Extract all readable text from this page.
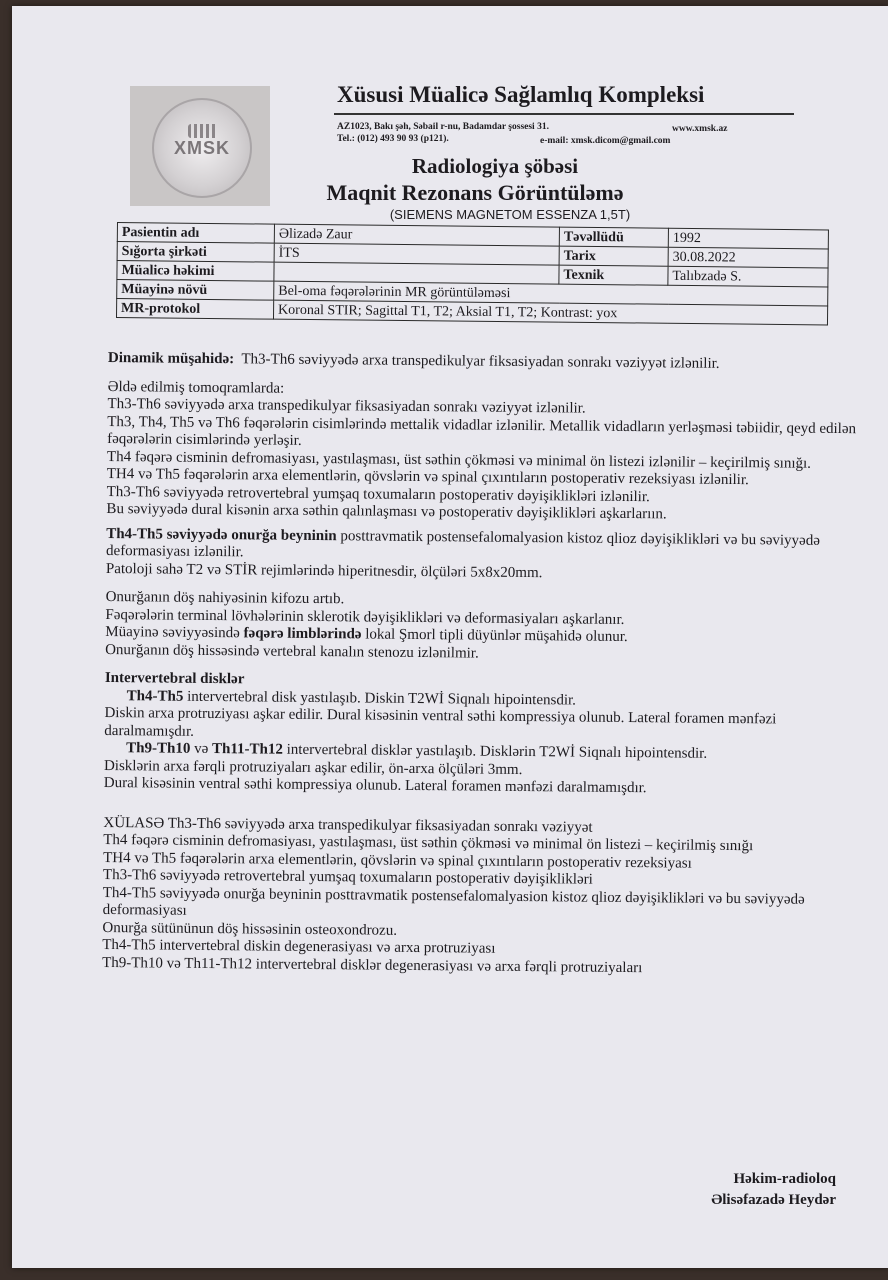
XMSK
Xüsusi Müalicə Sağlamlıq Kompleksi
AZ1023, Bakı şəh, Səbail r-nu, Badamdar şossesi 31.	www.xmsk.az
Tel.: (012) 493 90 93 (p121).	e-mail: xmsk.dicom@gmail.com
Radiologiya şöbəsi
Maqnit Rezonans Görüntüləmə
(SIEMENS MAGNETOM ESSENZA 1,5T)
Pasientin adı	Əlizadə Zaur	Təvəllüdü	1992
Sığorta şirkəti	İTS	Tarix	30.08.2022
Müalicə həkimi		Texnik	Talıbzadə S.
Müayinə növü	Bel-oma fəqərələrinin MR görüntüləməsi		
MR-protokol	Koronal STIR; Sagittal T1, T2; Aksial T1, T2; Kontrast: yox		

Dinamik müşahidə: Th3-Th6 səviyyədə arxa transpedikulyar fiksasiyadan sonrakı vəziyyət izlənilir.

Əldə edilmiş tomoqramlarda:

Th3-Th6 səviyyədə arxa transpedikulyar fiksasiyadan sonrakı vəziyyət izlənilir.

Th3, Th4, Th5 və Th6 fəqərələrin cisimlərində mettalik vidadlar izlənilir. Metallik vidadların yerləşməsi təbiidir, qeyd edilən fəqərələrin cisimlərində yerləşir.

Th4 fəqərə cisminin defromasiyası, yastılaşması, üst səthin çökməsi və minimal ön listezi izlənilir – keçirilmiş sınığı.

TH4 və Th5 fəqərələrin arxa elementlərin, qövslərin və spinal çıxıntıların postoperativ rezeksiyası izlənilir.

Th3-Th6 səviyyədə retrovertebral yumşaq toxumaların postoperativ dəyişiklikləri izlənilir.

Bu səviyyədə dural kisənin arxa səthin qalınlaşması və postoperativ dəyişiklikləri aşkarlarıın.

Th4-Th5 səviyyədə onurğa beyninin posttravmatik postensefalomalyasion kistoz qlioz dəyişiklikləri və bu səviyyədə deformasiyası izlənilir.

Patoloji sahə T2 və STİR rejimlərində hiperitnesdir, ölçüləri 5x8x20mm.

Onurğanın döş nahiyəsinin kifozu artıb.

Fəqərələrin terminal lövhələrinin sklerotik dəyişiklikləri və deformasiyaları aşkarlanır.

Müayinə səviyyəsində fəqərə limblərində lokal Şmorl tipli düyünlər müşahidə olunur.

Onurğanın döş hissəsində vertebral kanalın stenozu izlənilmir.

Intervertebral disklər

Th4-Th5 intervertebral disk yastılaşıb. Diskin T2Wİ Siqnalı hipointensdir.

Diskin arxa protruziyası aşkar edilir. Dural kisəsinin ventral səthi kompressiya olunub. Lateral foramen mənfəzi daralmamışdır.

Th9-Th10 və Th11-Th12 intervertebral disklər yastılaşıb. Disklərin T2Wİ Siqnalı hipointensdir.

Disklərin arxa fərqli protruziyaları aşkar edilir, ön-arxa ölçüləri 3mm.

Dural kisəsinin ventral səthi kompressiya olunub. Lateral foramen mənfəzi daralmamışdır.

XÜLASƏ Th3-Th6 səviyyədə arxa transpedikulyar fiksasiyadan sonrakı vəziyyət

Th4 fəqərə cisminin defromasiyası, yastılaşması, üst səthin çökməsi və minimal ön listezi – keçirilmiş sınığı

TH4 və Th5 fəqərələrin arxa elementlərin, qövslərin və spinal çıxıntıların postoperativ rezeksiyası

Th3-Th6 səviyyədə retrovertebral yumşaq toxumaların postoperativ dəyişiklikləri

Th4-Th5 səviyyədə onurğa beyninin posttravmatik postensefalomalyasion kistoz qlioz dəyişiklikləri və bu səviyyədə deformasiyası

Onurğa sütününun döş hissəsinin osteoxondrozu.

Th4-Th5 intervertebral diskin degenerasiyası və arxa protruziyası

Th9-Th10 və Th11-Th12 intervertebral disklər degenerasiyası və arxa fərqli protruziyaları

Həkim-radioloq
Əlisəfazadə Heydər
